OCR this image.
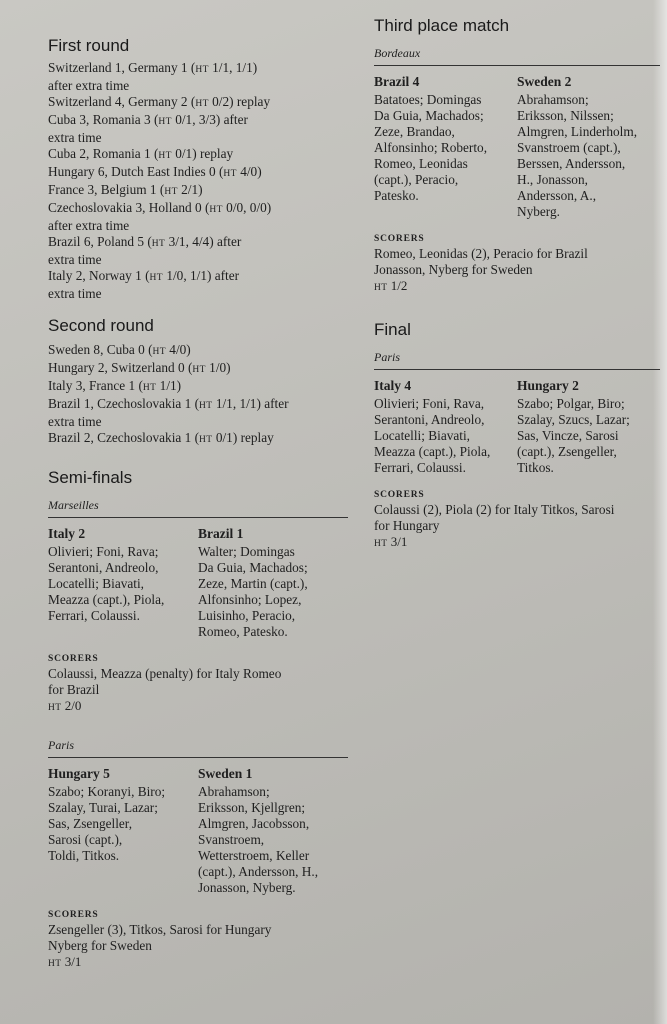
First round
Switzerland 1, Germany 1 (HT 1/1, 1/1)
after extra time
Switzerland 4, Germany 2 (HT 0/2) replay
Cuba 3, Romania 3 (HT 0/1, 3/3) after
extra time
Cuba 2, Romania 1 (HT 0/1) replay
Hungary 6, Dutch East Indies 0 (HT 4/0)
France 3, Belgium 1 (HT 2/1)
Czechoslovakia 3, Holland 0 (HT 0/0, 0/0)
after extra time
Brazil 6, Poland 5 (HT 3/1, 4/4) after
extra time
Italy 2, Norway 1 (HT 1/0, 1/1) after
extra time
Second round
Sweden 8, Cuba 0 (HT 4/0)
Hungary 2, Switzerland 0 (HT 1/0)
Italy 3, France 1 (HT 1/1)
Brazil 1, Czechoslovakia 1 (HT 1/1, 1/1) after
extra time
Brazil 2, Czechoslovakia 1 (HT 0/1) replay
Semi-finals
Marseilles
Italy 2
Olivieri; Foni, Rava;
Serantoni, Andreolo,
Locatelli; Biavati,
Meazza (capt.), Piola,
Ferrari, Colaussi.
Brazil 1
Walter; Domingas
Da Guia, Machados;
Zeze, Martin (capt.),
Alfonsinho; Lopez,
Luisinho, Peracio,
Romeo, Patesko.
SCORERS
Colaussi, Meazza (penalty) for Italy Romeo
for Brazil
HT 2/0
Paris
Hungary 5
Szabo; Koranyi, Biro;
Szalay, Turai, Lazar;
Sas, Zsengeller,
Sarosi (capt.),
Toldi, Titkos.
Sweden 1
Abrahamson;
Eriksson, Kjellgren;
Almgren, Jacobsson,
Svanstroem,
Wetterstroem, Keller
(capt.), Andersson, H.,
Jonasson, Nyberg.
SCORERS
Zsengeller (3), Titkos, Sarosi for Hungary
Nyberg for Sweden
HT 3/1
Third place match
Bordeaux
Brazil 4
Batatoes; Domingas
Da Guia, Machados;
Zeze, Brandao,
Alfonsinho; Roberto,
Romeo, Leonidas
(capt.), Peracio,
Patesko.
Sweden 2
Abrahamson;
Eriksson, Nilssen;
Almgren, Linderholm,
Svanstroem (capt.),
Berssen, Andersson,
H., Jonasson,
Andersson, A.,
Nyberg.
SCORERS
Romeo, Leonidas (2), Peracio for Brazil
Jonasson, Nyberg for Sweden
HT 1/2
Final
Paris
Italy 4
Olivieri; Foni, Rava,
Serantoni, Andreolo,
Locatelli; Biavati,
Meazza (capt.), Piola,
Ferrari, Colaussi.
Hungary 2
Szabo; Polgar, Biro;
Szalay, Szucs, Lazar;
Sas, Vincze, Sarosi
(capt.), Zsengeller,
Titkos.
SCORERS
Colaussi (2), Piola (2) for Italy Titkos, Sarosi
for Hungary
HT 3/1
